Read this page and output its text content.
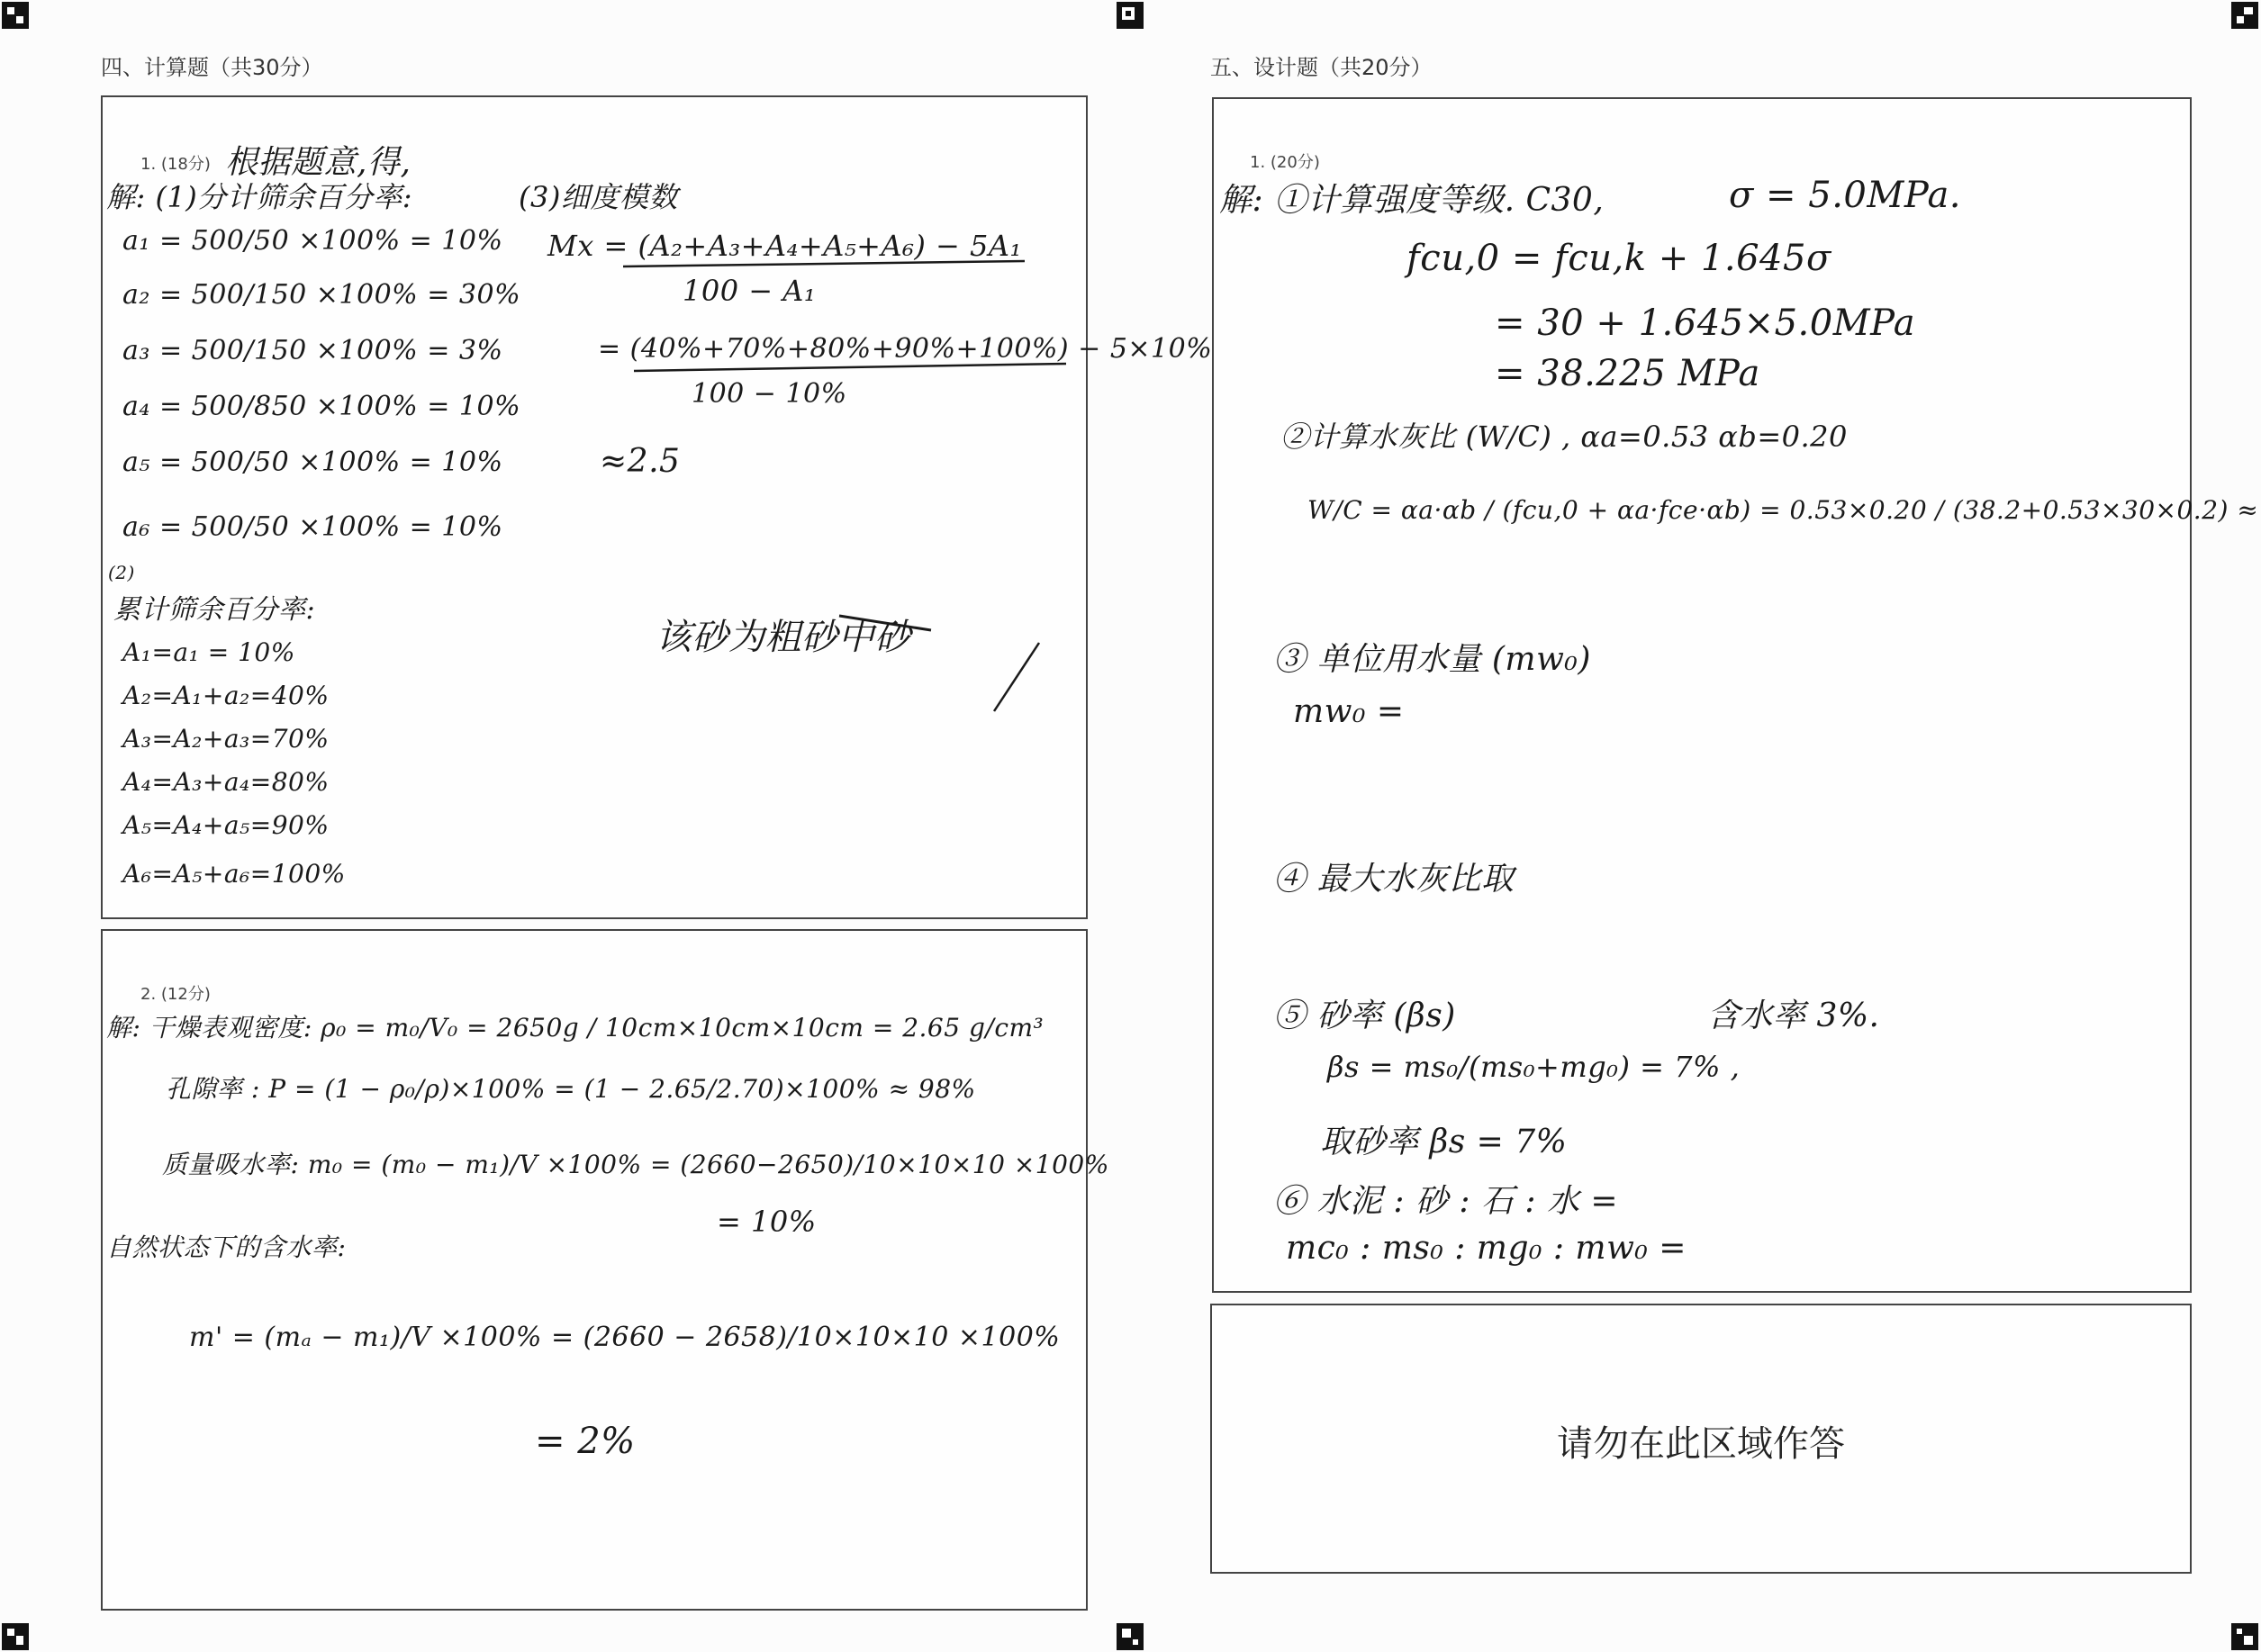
四、计算题（共30分）
1. (18分) 根据题意,得,
解: (1)分计筛余百分率:
a₁ = 500/50 ×100% = 10%
a₂ = 500/150 ×100% = 30%
a₃ = 500/150 ×100% = 3%
a₄ = 500/850 ×100% = 10%
a₅ = 500/50 ×100% = 10%
a₆ = 500/50 ×100% = 10%
(2)
累计筛余百分率:
A₁=a₁ = 10%
A₂=A₁+a₂=40%
A₃=A₂+a₃=70%
A₄=A₃+a₄=80%
A₅=A₄+a₅=90%
A₆=A₅+a₆=100%
(3)细度模数
Mx = (A₂+A₃+A₄+A₅+A₆) − 5A₁
100 − A₁
= (40%+70%+80%+90%+100%) − 5×10%
100 − 10%
≈2.5
该砂为粗砂中砂
2. (12分)
解: 干燥表观密度: ρ₀ = m₀/V₀ = 2650g / 10cm×10cm×10cm = 2.65 g/cm³
孔隙率 : P = (1 − ρ₀/ρ)×100% = (1 − 2.65/2.70)×100% ≈ 98%
质量吸水率: m₀ = (m₀ − m₁)/V ×100% = (2660−2650)/10×10×10 ×100%
= 10%
自然状态下的含水率:
m' = (mₐ − m₁)/V ×100% = (2660 − 2658)/10×10×10 ×100%
= 2%
五、设计题（共20分）
1. (20分)
解: ①计算强度等级. C30,	σ = 5.0MPa.
fcu,0 = fcu,k + 1.645σ
= 30 + 1.645×5.0MPa
= 38.225 MPa
②计算水灰比 (W/C) , αa=0.53 αb=0.20
W/C = αa·αb / (fcu,0 + αa·fce·αb) = 0.53×0.20 / (38.2+0.53×30×0.2) ≈
③ 单位用水量 (mw₀)
mw₀ =
④ 最大水灰比取
⑤ 砂率 (βs)	含水率 3%.
βs = ms₀/(ms₀+mg₀) = 7% ,
取砂率 βs = 7%
⑥ 水泥 : 砂 : 石 : 水 =
mc₀ : ms₀ : mg₀ : mw₀ =
请勿在此区域作答
